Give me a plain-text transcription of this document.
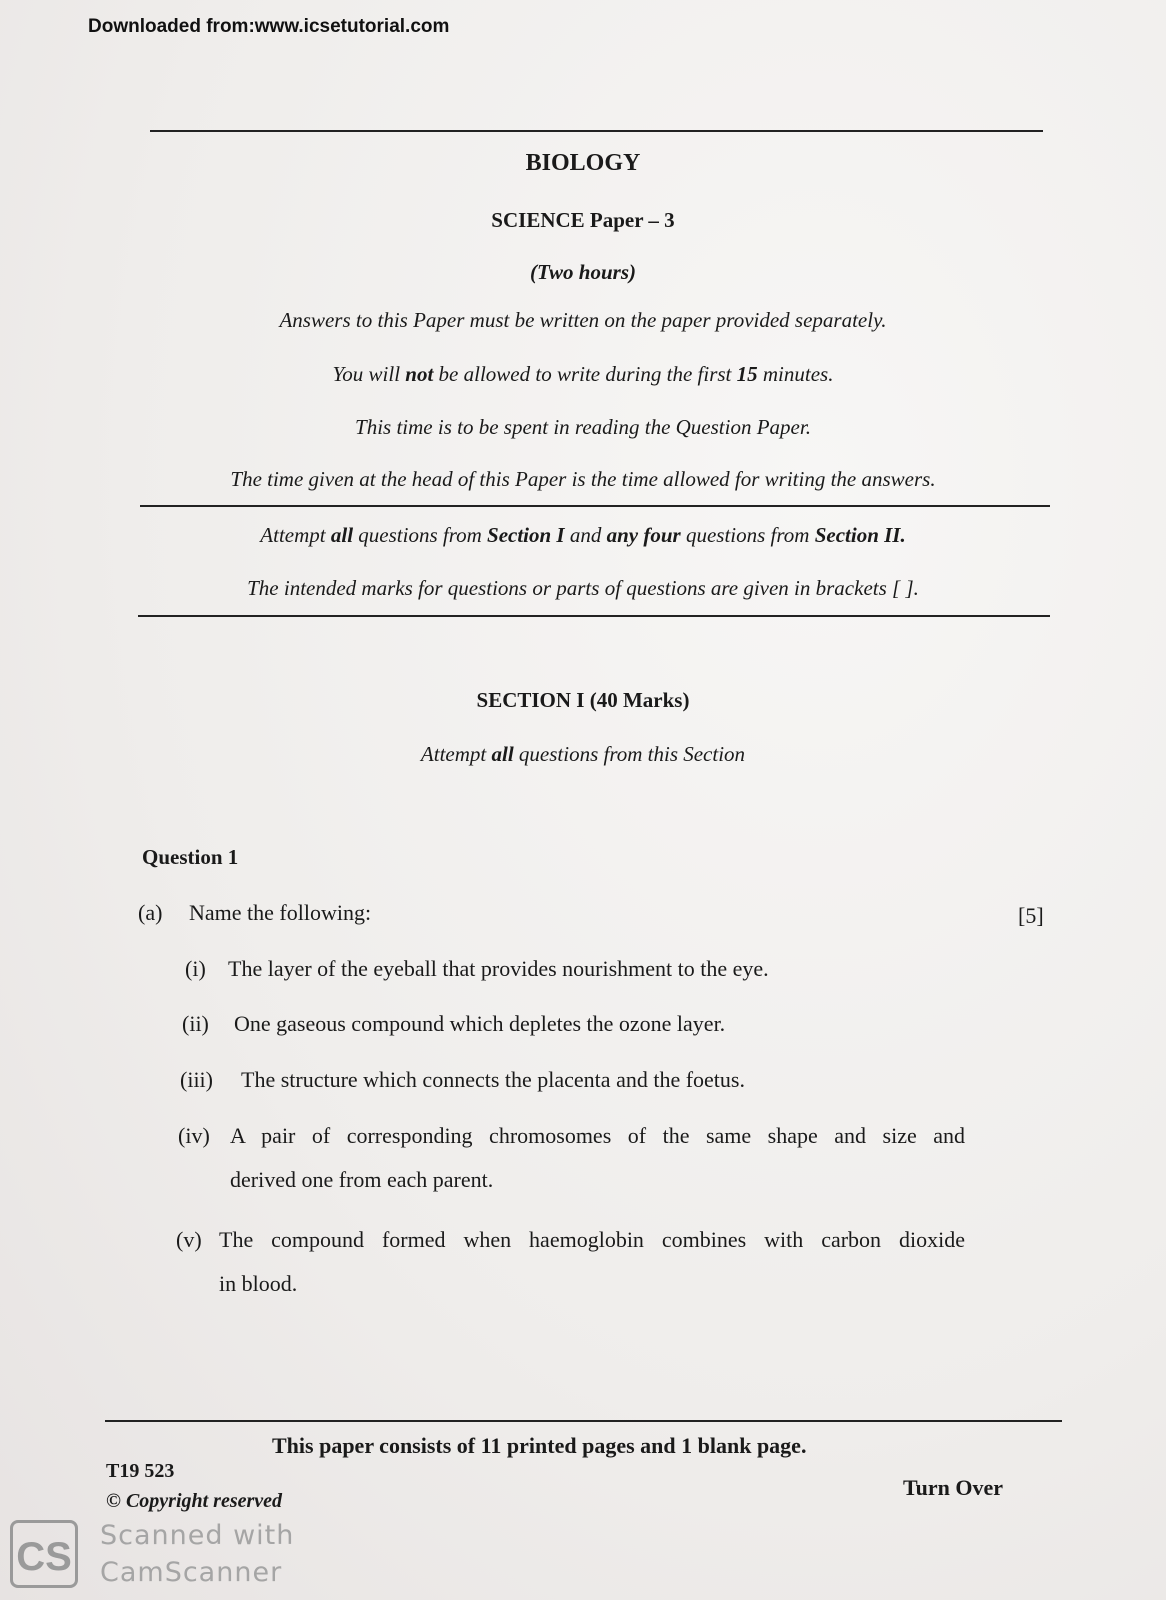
Downloaded from:www.icsetutorial.com
BIOLOGY
SCIENCE Paper – 3
(Two hours)
Answers to this Paper must be written on the paper provided separately.
You will not be allowed to write during the first 15 minutes.
This time is to be spent in reading the Question Paper.
The time given at the head of this Paper is the time allowed for writing the answers.
Attempt all questions from Section I and any four questions from Section II.
The intended marks for questions or parts of questions are given in brackets [ ].
SECTION I (40 Marks)
Attempt all questions from this Section
Question 1
(a) Name the following:	[5]
(i) The layer of the eyeball that provides nourishment to the eye.
(ii) One gaseous compound which depletes the ozone layer.
(iii) The structure which connects the placenta and the foetus.
(iv) A pair of corresponding chromosomes of the same shape and size and
derived one from each parent.
(v) The compound formed when haemoglobin combines with carbon dioxide
in blood.
This paper consists of 11 printed pages and 1 blank page.
T19 523
© Copyright reserved
Turn Over
CS Scanned with
CamScanner
